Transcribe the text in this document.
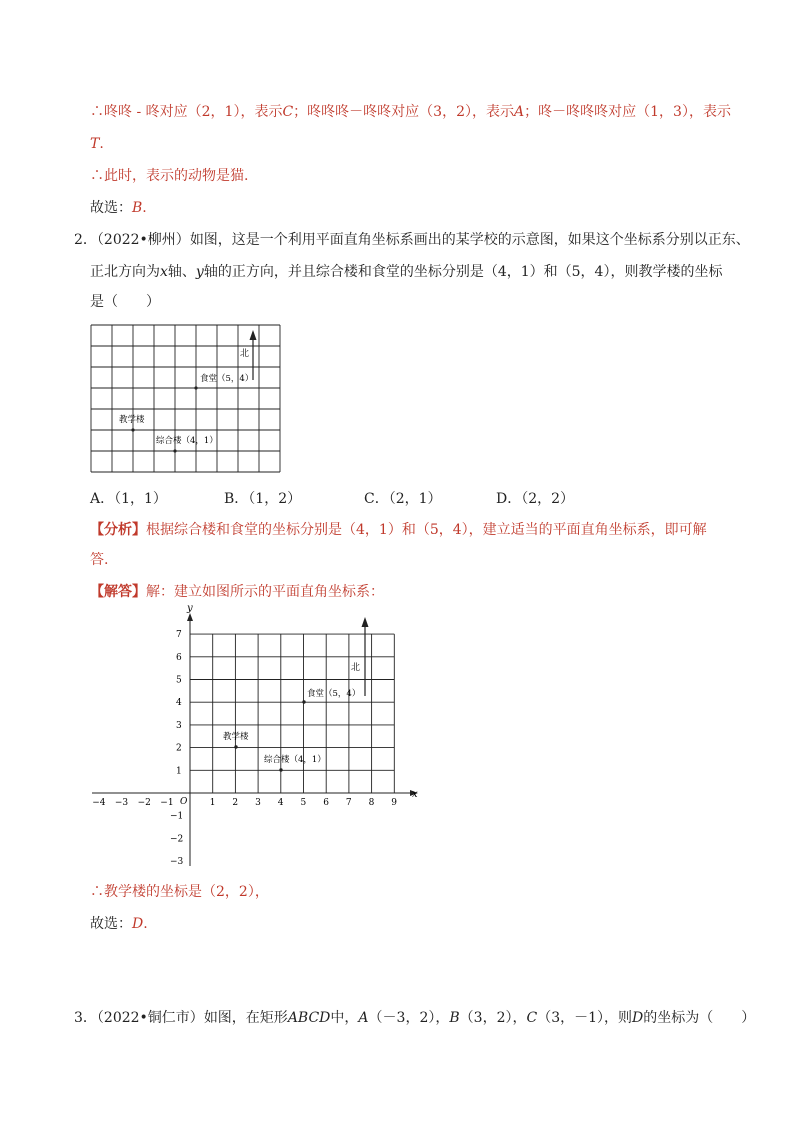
∴咚咚 - 咚对应（2，1），表示C；咚咚咚－咚咚对应（3，2），表示A；咚－咚咚咚对应（1，3），表示
T.
∴此时，表示的动物是猫.
故选：B.
2．（2022•柳州）如图，这是一个利用平面直角坐标系画出的某学校的示意图，如果这个坐标系分别以正东、
正北方向为x轴、y轴的正方向，并且综合楼和食堂的坐标分别是（4，1）和（5，4），则教学楼的坐标
是（　　）
北
食堂（5，4）
教学楼
综合楼（4，1）
A．（1，1）	B．（1，2）	C．（2，1）	D．（2，2）
【分析】根据综合楼和食堂的坐标分别是（4，1）和（5，4），建立适当的平面直角坐标系，即可解
答.
【解答】解：建立如图所示的平面直角坐标系：
x
y
O
−4 −3 −2 −1	1 2 3 4 5 6 7 8 9
1
2
3
4
5
6
7
−1
−2
−3
北
食堂（5，4）
教学楼
综合楼（4，1）
∴教学楼的坐标是（2，2），
故选：D.
3．（2022•铜仁市）如图，在矩形ABCD中，A（－3，2），B（3，2），C（3，－1），则D的坐标为（　　）
